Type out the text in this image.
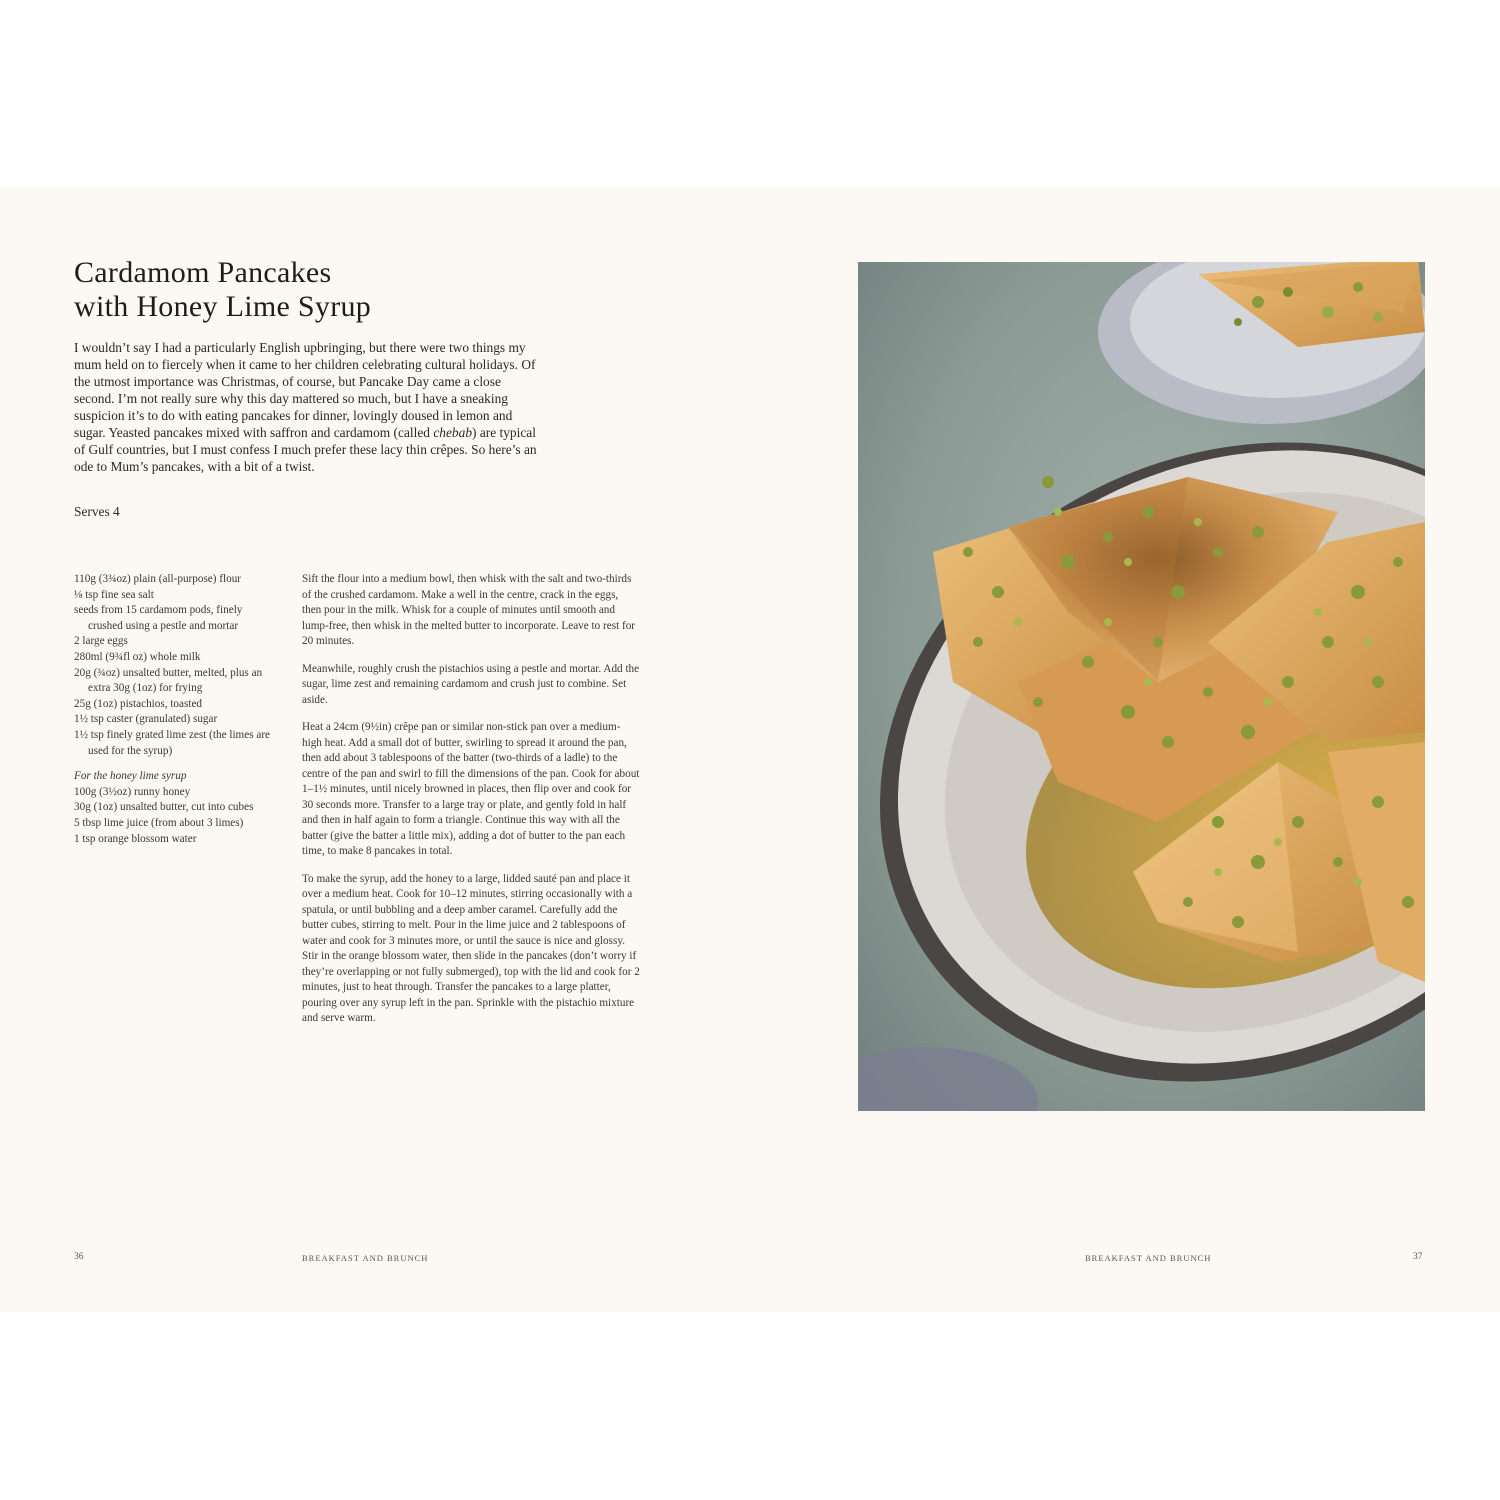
Cardamom Pancakes
with Honey Lime Syrup

I wouldn’t say I had a particularly English upbringing, but there were two things my mum held on to fiercely when it came to her children celebrating cultural holidays. Of the utmost importance was Christmas, of course, but Pancake Day came a close second. I’m not really sure why this day mattered so much, but I have a sneaking suspicion it’s to do with eating pancakes for dinner, lovingly doused in lemon and sugar. Yeasted pancakes mixed with saffron and cardamom (called chebab) are typical of Gulf countries, but I must confess I much prefer these lacy thin crêpes. So here’s an ode to Mum’s pancakes, with a bit of a twist.

Serves 4

110g (3¾oz) plain (all-purpose) flour

⅛ tsp fine sea salt

seeds from 15 cardamom pods, finely crushed using a pestle and mortar

2 large eggs

280ml (9¾fl oz) whole milk

20g (¾oz) unsalted butter, melted, plus an extra 30g (1oz) for frying

25g (1oz) pistachios, toasted

1½ tsp caster (granulated) sugar

1½ tsp finely grated lime zest (the limes are used for the syrup)

For the honey lime syrup

100g (3½oz) runny honey

30g (1oz) unsalted butter, cut into cubes

5 tbsp lime juice (from about 3 limes)

1 tsp orange blossom water

Sift the flour into a medium bowl, then whisk with the salt and two-thirds of the crushed cardamom. Make a well in the centre, crack in the eggs, then pour in the milk. Whisk for a couple of minutes until smooth and lump-free, then whisk in the melted butter to incorporate. Leave to rest for 20 minutes.

Meanwhile, roughly crush the pistachios using a pestle and mortar. Add the sugar, lime zest and remaining cardamom and crush just to combine. Set aside.

Heat a 24cm (9½in) crêpe pan or similar non-stick pan over a medium-high heat. Add a small dot of butter, swirling to spread it around the pan, then add about 3 tablespoons of the batter (two-thirds of a ladle) to the centre of the pan and swirl to fill the dimensions of the pan. Cook for about 1–1½ minutes, until nicely browned in places, then flip over and cook for 30 seconds more. Transfer to a large tray or plate, and gently fold in half and then in half again to form a triangle. Continue this way with all the batter (give the batter a little mix), adding a dot of butter to the pan each time, to make 8 pancakes in total.

To make the syrup, add the honey to a large, lidded sauté pan and place it over a medium heat. Cook for 10–12 minutes, stirring occasionally with a spatula, or until bubbling and a deep amber caramel. Carefully add the butter cubes, stirring to melt. Pour in the lime juice and 2 tablespoons of water and cook for 3 minutes more, or until the sauce is nice and glossy. Stir in the orange blossom water, then slide in the pancakes (don’t worry if they’re overlapping or not fully submerged), top with the lid and cook for 2 minutes, just to heat through. Transfer the pancakes to a large platter, pouring over any syrup left in the pan. Sprinkle with the pistachio mixture and serve warm.

36	BREAKFAST AND BRUNCH	BREAKFAST AND BRUNCH	37
